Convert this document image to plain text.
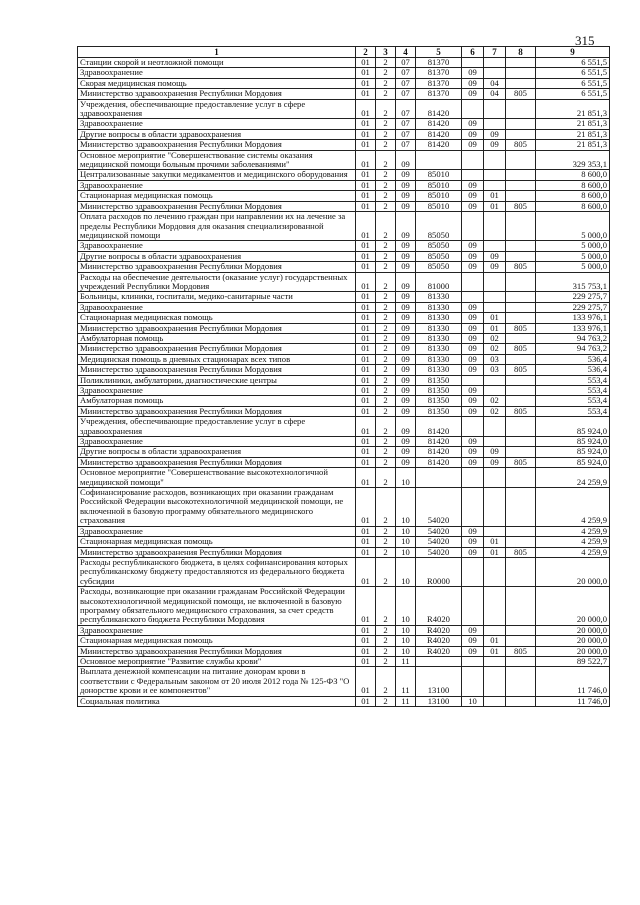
315
1	2	3	4	5	6	7	8	9
Станции скорой и неотложной помощи	01	2	07	81370				6 551,5
Здравоохранение	01	2	07	81370	09			6 551,5
Скорая медицинская помощь	01	2	07	81370	09	04		6 551,5
Министерство здравоохранения Республики Мордовия	01	2	07	81370	09	04	805	6 551,5
Учреждения, обеспечивающие предоставление услуг в сфере здравоохранения	01	2	07	81420				21 851,3
Здравоохранение	01	2	07	81420	09			21 851,3
Другие вопросы в области здравоохранения	01	2	07	81420	09	09		21 851,3
Министерство здравоохранения Республики Мордовия	01	2	07	81420	09	09	805	21 851,3
Основное мероприятие "Совершенствование системы оказания медицинской помощи больным прочими заболеваниями"	01	2	09					329 353,1
Централизованные закупки медикаментов и медицинского оборудования	01	2	09	85010				8 600,0
Здравоохранение	01	2	09	85010	09			8 600,0
Стационарная медицинская помощь	01	2	09	85010	09	01		8 600,0
Министерство здравоохранения Республики Мордовия	01	2	09	85010	09	01	805	8 600,0
Оплата расходов по лечению граждан при направлении их на лечение за пределы Республики Мордовия для оказания специализированной медицинской помощи	01	2	09	85050				5 000,0
Здравоохранение	01	2	09	85050	09			5 000,0
Другие вопросы в области здравоохранения	01	2	09	85050	09	09		5 000,0
Министерство здравоохранения Республики Мордовия	01	2	09	85050	09	09	805	5 000,0
Расходы на обеспечение деятельности (оказание услуг) государственных учреждений Республики Мордовия	01	2	09	81000				315 753,1
Больницы, клиники, госпитали, медико-санитарные части	01	2	09	81330				229 275,7
Здравоохранение	01	2	09	81330	09			229 275,7
Стационарная медицинская помощь	01	2	09	81330	09	01		133 976,1
Министерство здравоохранения Республики Мордовия	01	2	09	81330	09	01	805	133 976,1
Амбулаторная помощь	01	2	09	81330	09	02		94 763,2
Министерство здравоохранения Республики Мордовия	01	2	09	81330	09	02	805	94 763,2
Медицинская помощь в дневных стационарах всех типов	01	2	09	81330	09	03		536,4
Министерство здравоохранения Республики Мордовия	01	2	09	81330	09	03	805	536,4
Поликлиники, амбулатории, диагностические центры	01	2	09	81350				553,4
Здравоохранение	01	2	09	81350	09			553,4
Амбулаторная помощь	01	2	09	81350	09	02		553,4
Министерство здравоохранения Республики Мордовия	01	2	09	81350	09	02	805	553,4
Учреждения, обеспечивающие предоставление услуг в сфере здравоохранения	01	2	09	81420				85 924,0
Здравоохранение	01	2	09	81420	09			85 924,0
Другие вопросы в области здравоохранения	01	2	09	81420	09	09		85 924,0
Министерство здравоохранения Республики Мордовия	01	2	09	81420	09	09	805	85 924,0
Основное мероприятие "Совершенствование высокотехнологичной медицинской помощи"	01	2	10					24 259,9
Софинансирование расходов, возникающих при оказании гражданам Российской Федерации высокотехнологичной медицинской помощи, не включенной в базовую программу обязательного медицинского страхования	01	2	10	54020				4 259,9
Здравоохранение	01	2	10	54020	09			4 259,9
Стационарная медицинская помощь	01	2	10	54020	09	01		4 259,9
Министерство здравоохранения Республики Мордовия	01	2	10	54020	09	01	805	4 259,9
Расходы республиканского бюджета, в целях софинансирования которых республиканскому бюджету предоставляются из федерального бюджета субсидии	01	2	10	R0000				20 000,0
Расходы, возникающие при оказании гражданам Российской Федерации высокотехнологичной медицинской помощи, не включенной в базовую программу обязательного медицинского страхования, за счет средств республиканского бюджета Республики Мордовия	01	2	10	R4020				20 000,0
Здравоохранение	01	2	10	R4020	09			20 000,0
Стационарная медицинская помощь	01	2	10	R4020	09	01		20 000,0
Министерство здравоохранения Республики Мордовия	01	2	10	R4020	09	01	805	20 000,0
Основное мероприятие "Развитие службы крови"	01	2	11					89 522,7
Выплата денежной компенсации на питание донорам крови в соответствии с Федеральным законом от 20 июля 2012 года № 125-ФЗ "О донорстве крови и ее компонентов"	01	2	11	13100				11 746,0
Социальная политика	01	2	11	13100	10			11 746,0
